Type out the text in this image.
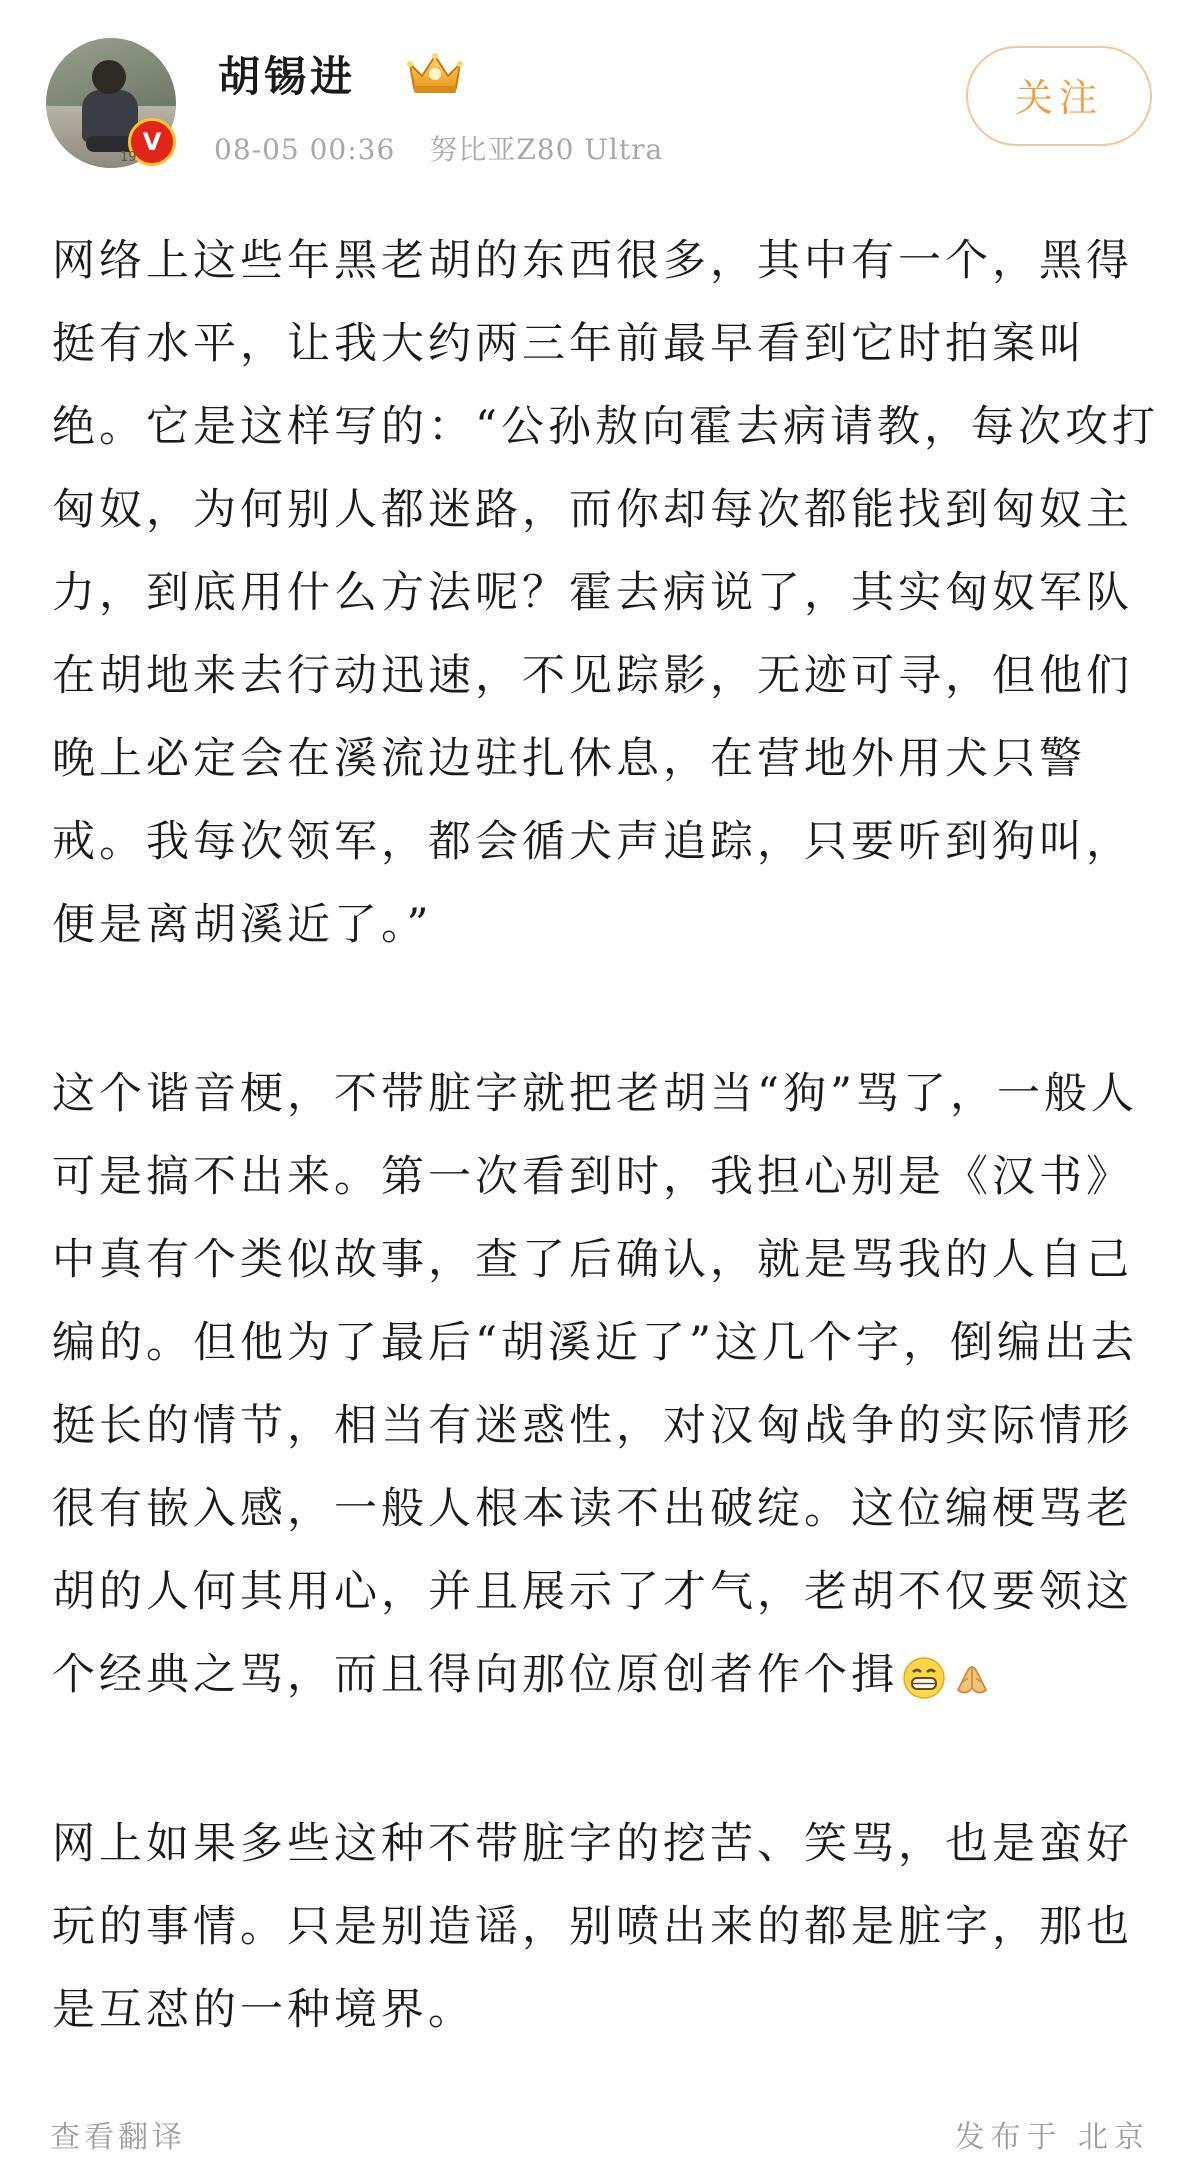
V
19
胡锡进
08-05 00:36 努比亚Z80 Ultra
关注

网络上这些年黑老胡的东西很多，其中有一个，黑得挺有水平，让我大约两三年前最早看到它时拍案叫绝。它是这样写的：“公孙敖向霍去病请教，每次攻打匈奴，为何别人都迷路，而你却每次都能找到匈奴主力，到底用什么方法呢？霍去病说了，其实匈奴军队在胡地来去行动迅速，不见踪影，无迹可寻，但他们晚上必定会在溪流边驻扎休息，在营地外用犬只警戒。我每次领军，都会循犬声追踪，只要听到狗叫，便是离胡溪近了。”

这个谐音梗，不带脏字就把老胡当“狗”骂了，一般人可是搞不出来。第一次看到时，我担心别是《汉书》中真有个类似故事，查了后确认，就是骂我的人自己编的。但他为了最后“胡溪近了”这几个字，倒编出去挺长的情节，相当有迷惑性，对汉匈战争的实际情形很有嵌入感，一般人根本读不出破绽。这位编梗骂老胡的人何其用心，并且展示了才气，老胡不仅要领这个经典之骂，而且得向那位原创者作个揖

网上如果多些这种不带脏字的挖苦、笑骂，也是蛮好玩的事情。只是别造谣，别喷出来的都是脏字，那也是互怼的一种境界。

查看翻译	发布于 北京
